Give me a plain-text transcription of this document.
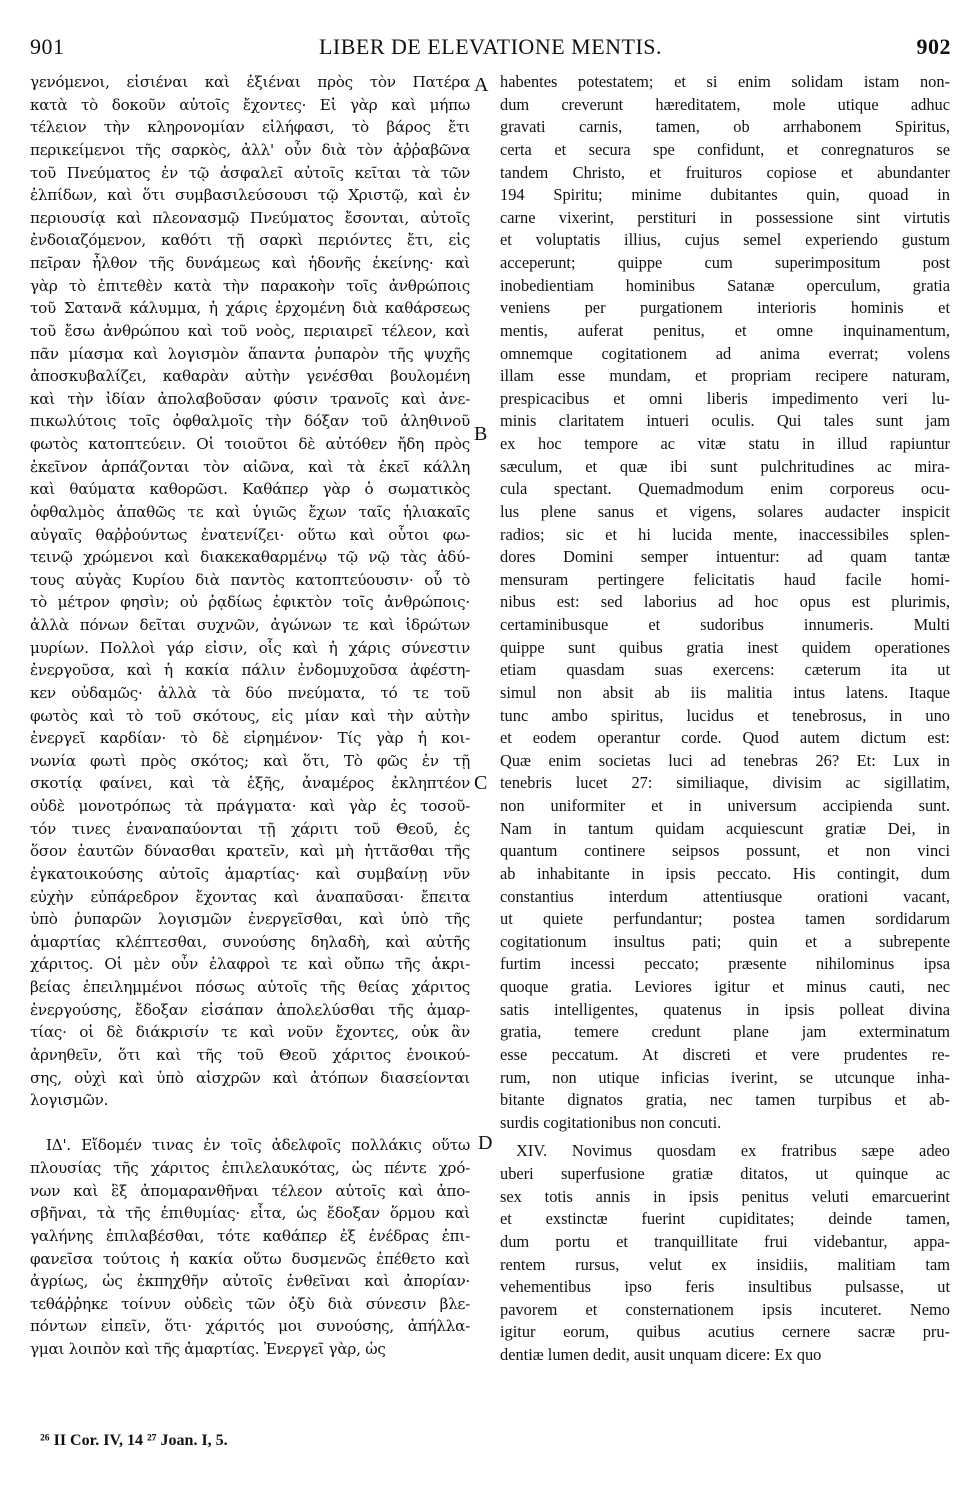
901	LIBER DE ELEVATIONE MENTIS.	902
γενόμενοι, εἰσιέναι καὶ ἐξιέναι πρὸς τὸν Πατέρα
κατὰ τὸ δοκοῦν αὐτοῖς ἔχοντες· Εἰ γὰρ καὶ μήπω
τέλειον τὴν κληρονομίαν εἰλήφασι, τὸ βάρος ἔτι
περικείμενοι τῆς σαρκὸς, ἀλλ' οὖν διὰ τὸν ἀῤῥαβῶνα
τοῦ Πνεύματος ἐν τῷ ἀσφαλεῖ αὐτοῖς κεῖται τὰ τῶν
ἐλπίδων, καὶ ὅτι συμβασιλεύσουσι τῷ Χριστῷ, καὶ ἐν
περιουσίᾳ καὶ πλεονασμῷ Πνεύματος ἔσονται, αὐτοῖς
ἐνδοιαζόμενον, καθότι τῇ σαρκὶ περιόντες ἔτι, εἰς
πεῖραν ἦλθον τῆς δυνάμεως καὶ ἡδονῆς ἐκείνης· καὶ
γὰρ τὸ ἐπιτεθὲν κατὰ τὴν παρακοὴν τοῖς ἀνθρώποις
τοῦ Σατανᾶ κάλυμμα, ἡ χάρις ἐρχομένη διὰ καθάρσεως
τοῦ ἔσω ἀνθρώπου καὶ τοῦ νοὸς, περιαιρεῖ τέλεον, καὶ
πᾶν μίασμα καὶ λογισμὸν ἅπαντα ῥυπαρὸν τῆς ψυχῆς
ἀποσκυβαλίζει, καθαρὰν αὐτὴν γενέσθαι βουλομένη
καὶ τὴν ἰδίαν ἀπολαβοῦσαν φύσιν τρανοῖς καὶ ἀνε-
πικωλύτοις τοῖς ὀφθαλμοῖς τὴν δόξαν τοῦ ἀληθινοῦ
φωτὸς κατοπτεύειν. Οἱ τοιοῦτοι δὲ αὐτόθεν ἤδη πρὸς
ἐκεῖνον ἁρπάζονται τὸν αἰῶνα, καὶ τὰ ἐκεῖ κάλλη
καὶ θαύματα καθορῶσι. Καθάπερ γὰρ ὁ σωματικὸς
ὀφθαλμὸς ἀπαθῶς τε καὶ ὑγιῶς ἔχων ταῖς ἡλιακαῖς
αὐγαῖς θαῤῥούντως ἐνατενίζει· οὕτω καὶ οὗτοι φω-
τεινῷ χρώμενοι καὶ διακεκαθαρμένῳ τῷ νῷ τὰς ἀδύ-
τους αὐγὰς Κυρίου διὰ παντὸς κατοπτεύουσιν· οὗ τὸ
τὸ μέτρον φησὶν; οὐ ῥᾳδίως ἐφικτὸν τοῖς ἀνθρώποις·
ἀλλὰ πόνων δεῖται συχνῶν, ἀγώνων τε καὶ ἱδρώτων
μυρίων. Πολλοὶ γάρ εἰσιν, οἷς καὶ ἡ χάρις σύνεστιν
ἐνεργοῦσα, καὶ ἡ κακία πάλιν ἐνδομυχοῦσα ἀφέστη-
κεν οὐδαμῶς· ἀλλὰ τὰ δύο πνεύματα, τό τε τοῦ
φωτὸς καὶ τὸ τοῦ σκότους, εἰς μίαν καὶ τὴν αὐτὴν
ἐνεργεῖ καρδίαν· τὸ δὲ εἰρημένον· Τίς γὰρ ἡ κοι-
νωνία φωτὶ πρὸς σκότος; καὶ ὅτι, Τὸ φῶς ἐν τῇ
σκοτίᾳ φαίνει, καὶ τὰ ἑξῆς, ἀναμέρος ἐκληπτέον
οὐδὲ μονοτρόπως τὰ πράγματα· καὶ γὰρ ἐς τοσοῦ-
τόν τινες ἐναναπαύονται τῇ χάριτι τοῦ Θεοῦ, ἐς
ὅσον ἑαυτῶν δύνασθαι κρατεῖν, καὶ μὴ ἡττᾶσθαι τῆς
ἐγκατοικούσης αὐτοῖς ἁμαρτίας· καὶ συμβαίνῃ νῦν
εὐχὴν εὐπάρεδρον ἔχοντας καὶ ἀναπαῦσαι· ἔπειτα
ὑπὸ ῥυπαρῶν λογισμῶν ἐνεργεῖσθαι, καὶ ὑπὸ τῆς
ἁμαρτίας κλέπτεσθαι, συνούσης δηλαδὴ, καὶ αὐτῆς
χάριτος. Οἱ μὲν οὖν ἐλαφροὶ τε καὶ οὔπω τῆς ἀκρι-
βείας ἐπειλημμένοι πόσως αὐτοῖς τῆς θείας χάριτος
ἐνεργούσης, ἔδοξαν εἰσάπαν ἀπολελύσθαι τῆς ἁμαρ-
τίας· οἱ δὲ διάκρισίν τε καὶ νοῦν ἔχοντες, οὐκ ἂν
ἀρνηθεῖν, ὅτι καὶ τῆς τοῦ Θεοῦ χάριτος ἐνοικού-
σης, οὐχὶ καὶ ὑπὸ αἰσχρῶν καὶ ἀτόπων διασείονται
λογισμῶν.
ΙΔ'. Εἴδομέν τινας ἐν τοῖς ἀδελφοῖς πολλάκις οὕτω
πλουσίας τῆς χάριτος ἐπιλελαυκότας, ὡς πέντε χρό-
νων καὶ ἓξ ἀπομαρανθῆναι τέλεον αὐτοῖς καὶ ἀπο-
σβῆναι, τὰ τῆς ἐπιθυμίας· εἶτα, ὡς ἔδοξαν ὅρμου καὶ
γαλήνης ἐπιλαβέσθαι, τότε καθάπερ ἐξ ἐνέδρας ἐπι-
φανεῖσα τούτοις ἡ κακία οὕτω δυσμενῶς ἐπέθετο καὶ
ἀγρίως, ὡς ἐκπηχθῆν αὐτοῖς ἐνθεῖναι καὶ ἀπορίαν·
τεθάῤῥηκε τοίνυν οὐδεὶς τῶν ὀξὺ διὰ σύνεσιν βλε-
πόντων εἰπεῖν, ὅτι· χάριτός μοι συνούσης, ἀπήλλα-
γμαι λοιπὸν καὶ τῆς ἁμαρτίας. Ἐνεργεῖ γὰρ, ὡς
habentes potestatem; et si enim solidam istam non-
dum creverunt hæreditatem, mole utique adhuc
gravati carnis, tamen, ob arrhabonem Spiritus,
certa et secura spe confidunt, et conregnaturos se
tandem Christo, et fruituros copiose et abundanter
194 Spiritu; minime dubitantes quin, quoad in
carne vixerint, perstituri in possessione sint virtutis
et voluptatis illius, cujus semel experiendo gustum
acceperunt; quippe cum superimpositum post
inobedientiam hominibus Satanæ operculum, gratia
veniens per purgationem interioris hominis et
mentis, auferat penitus, et omne inquinamentum,
omnemque cogitationem ad anima everrat; volens
illam esse mundam, et propriam recipere naturam,
prespicacibus et omni liberis impedimento veri lu-
minis claritatem intueri oculis. Qui tales sunt jam
ex hoc tempore ac vitæ statu in illud rapiuntur
sæculum, et quæ ibi sunt pulchritudines ac mira-
cula spectant. Quemadmodum enim corporeus ocu-
lus plene sanus et vigens, solares audacter inspicit
radios; sic et hi lucida mente, inaccessibiles splen-
dores Domini semper intuentur: ad quam tantæ
mensuram pertingere felicitatis haud facile homi-
nibus est: sed laborius ad hoc opus est plurimis,
certaminibusque et sudoribus innumeris. Multi
quippe sunt quibus gratia inest quidem operationes
etiam quasdam suas exercens: cæterum ita ut
simul non absit ab iis malitia intus latens. Itaque
tunc ambo spiritus, lucidus et tenebrosus, in uno
et eodem operantur corde. Quod autem dictum est:
Quæ enim societas luci ad tenebras 26? Et: Lux in
tenebris lucet 27: similiaque, divisim ac sigillatim,
non uniformiter et in universum accipienda sunt.
Nam in tantum quidam acquiescunt gratiæ Dei, in
quantum continere seipsos possunt, et non vinci
ab inhabitante in ipsis peccato. His contingit, dum
constantius interdum attentiusque orationi vacant,
ut quiete perfundantur; postea tamen sordidarum
cogitationum insultus pati; quin et a subrepente
furtim incessi peccato; præsente nihilominus ipsa
quoque gratia. Leviores igitur et minus cauti, nec
satis intelligentes, quatenus in ipsis polleat divina
gratia, temere credunt plane jam exterminatum
esse peccatum. At discreti et vere prudentes re-
rum, non utique inficias iverint, se utcunque inha-
bitante dignatos gratia, nec tamen turpibus et ab-
surdis cogitationibus non concuti.
XIV. Novimus quosdam ex fratribus sæpe adeo
uberi superfusione gratiæ ditatos, ut quinque ac
sex totis annis in ipsis penitus veluti emarcuerint
et exstinctæ fuerint cupiditates; deinde tamen,
dum portu et tranquillitate frui videbantur, appa-
rentem rursus, velut ex insidiis, malitiam tam
vehementibus ipso feris insultibus pulsasse, ut
pavorem et consternationem ipsis incuteret. Nemo
igitur eorum, quibus acutius cernere sacræ pru-
dentiæ lumen dedit, ausit unquam dicere: Ex quo
A
B
C
D
²⁶ II Cor. IV, 14 ²⁷ Joan. I, 5.
